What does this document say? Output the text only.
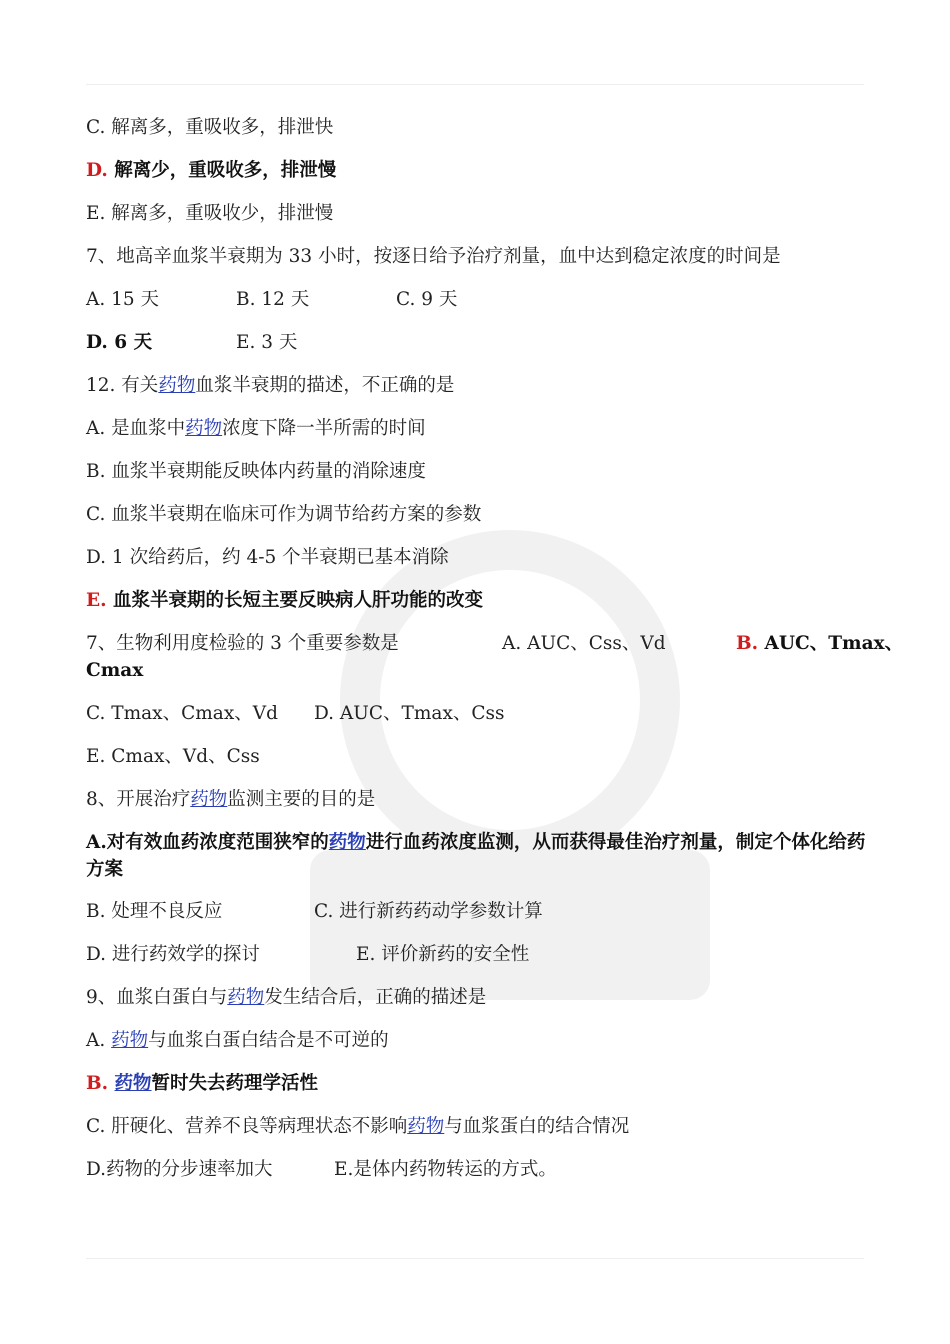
C. 解离多，重吸收多，排泄快
D. 解离少，重吸收多，排泄慢
E. 解离多，重吸收少，排泄慢
7、地高辛血浆半衰期为 33 小时，按逐日给予治疗剂量，血中达到稳定浓度的时间是
A. 15 天	B. 12 天	C. 9 天
D. 6 天	E. 3 天
12. 有关药物血浆半衰期的描述，不正确的是
A. 是血浆中药物浓度下降一半所需的时间
B. 血浆半衰期能反映体内药量的消除速度
C. 血浆半衰期在临床可作为调节给药方案的参数
D. 1 次给药后，约 4-5 个半衰期已基本消除
E. 血浆半衰期的长短主要反映病人肝功能的改变
7、生物利用度检验的 3 个重要参数是	A. AUC、Css、Vd	B. AUC、Tmax、
Cmax
C. Tmax、Cmax、Vd D. AUC、Tmax、Css
E. Cmax、Vd、Css
8、开展治疗药物监测主要的目的是
A.对有效血药浓度范围狭窄的药物进行血药浓度监测，从而获得最佳治疗剂量，制定个体化给药方案
B. 处理不良反应	C. 进行新药药动学参数计算
D. 进行药效学的探讨	E. 评价新药的安全性
9、血浆白蛋白与药物发生结合后，正确的描述是
A. 药物与血浆白蛋白结合是不可逆的
B. 药物暂时失去药理学活性
C. 肝硬化、营养不良等病理状态不影响药物与血浆蛋白的结合情况
D.药物的分步速率加大	E.是体内药物转运的方式。
